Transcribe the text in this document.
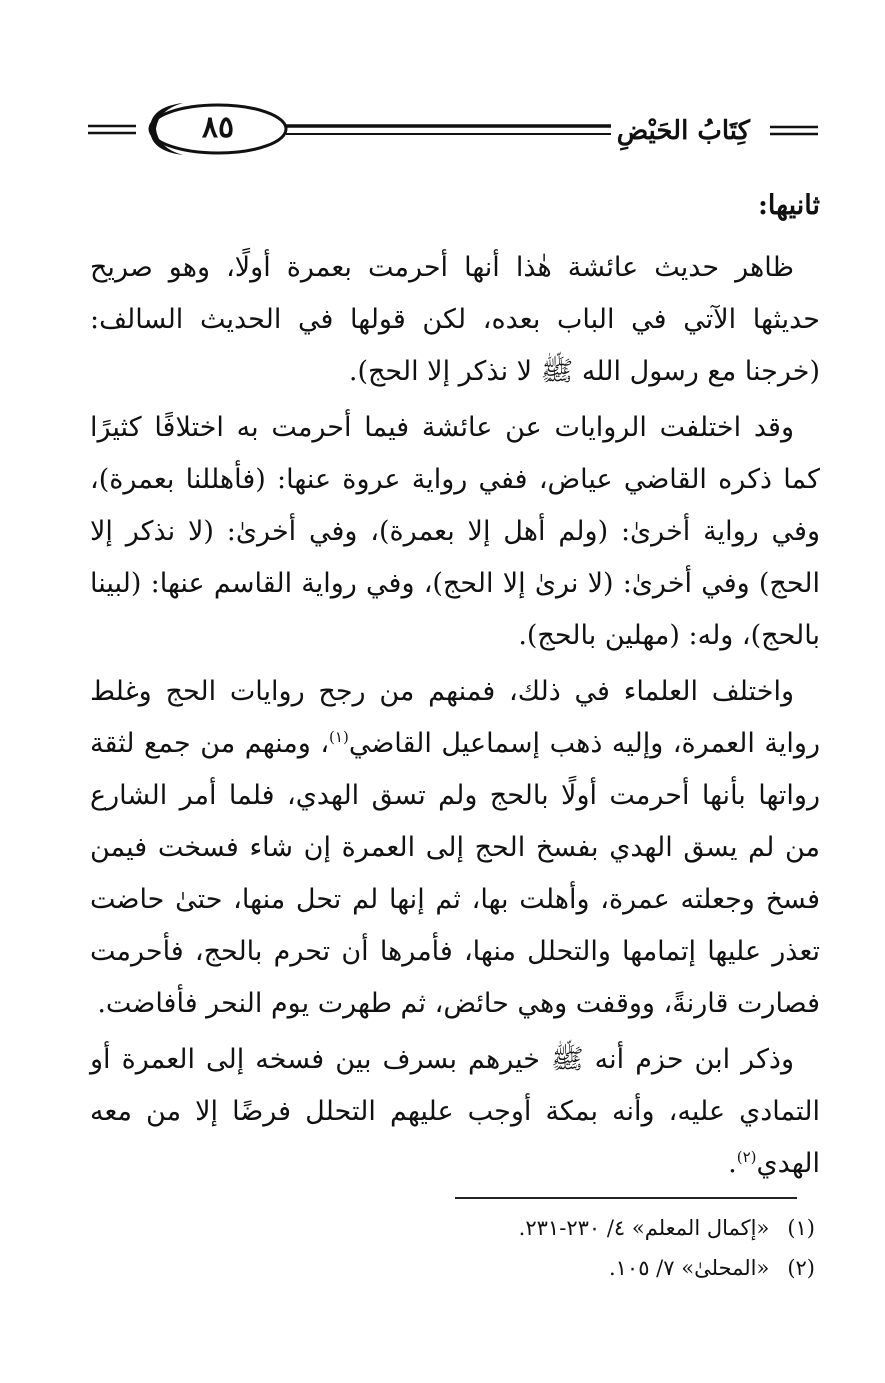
٨٥	كِتَابُ الحَيْضِ

ثانيها:

ظاهر حديث عائشة هٰذا أنها أحرمت بعمرة أولًا، وهو صريح حديثها الآتي في الباب بعده، لكن قولها في الحديث السالف: (خرجنا مع رسول الله ﷺ لا نذكر إلا الحج).

وقد اختلفت الروايات عن عائشة فيما أحرمت به اختلافًا كثيرًا كما ذكره القاضي عياض، ففي رواية عروة عنها: (فأهللنا بعمرة)، وفي رواية أخرىٰ: (ولم أهل إلا بعمرة)، وفي أخرىٰ: (لا نذكر إلا الحج) وفي أخرىٰ: (لا نرىٰ إلا الحج)، وفي رواية القاسم عنها: (لبينا بالحج)، وله: (مهلين بالحج).

واختلف العلماء في ذلك، فمنهم من رجح روايات الحج وغلط رواية العمرة، وإليه ذهب إسماعيل القاضي$^{(١)}$، ومنهم من جمع لثقة رواتها بأنها أحرمت أولًا بالحج ولم تسق الهدي، فلما أمر الشارع من لم يسق الهدي بفسخ الحج إلى العمرة إن شاء فسخت فيمن فسخ وجعلته عمرة، وأهلت بها، ثم إنها لم تحل منها، حتىٰ حاضت تعذر عليها إتمامها والتحلل منها، فأمرها أن تحرم بالحج، فأحرمت فصارت قارنةً، ووقفت وهي حائض، ثم طهرت يوم النحر فأفاضت.

وذكر ابن حزم أنه ﷺ خيرهم بسرف بين فسخه إلى العمرة أو التمادي عليه، وأنه بمكة أوجب عليهم التحلل فرضًا إلا من معه الهدي$^{(٢)}$.

(١)«إكمال المعلم» ٤/ ٢٣٠-٢٣١.
(٢)«المحلىٰ» ٧/ ١٠٥.
